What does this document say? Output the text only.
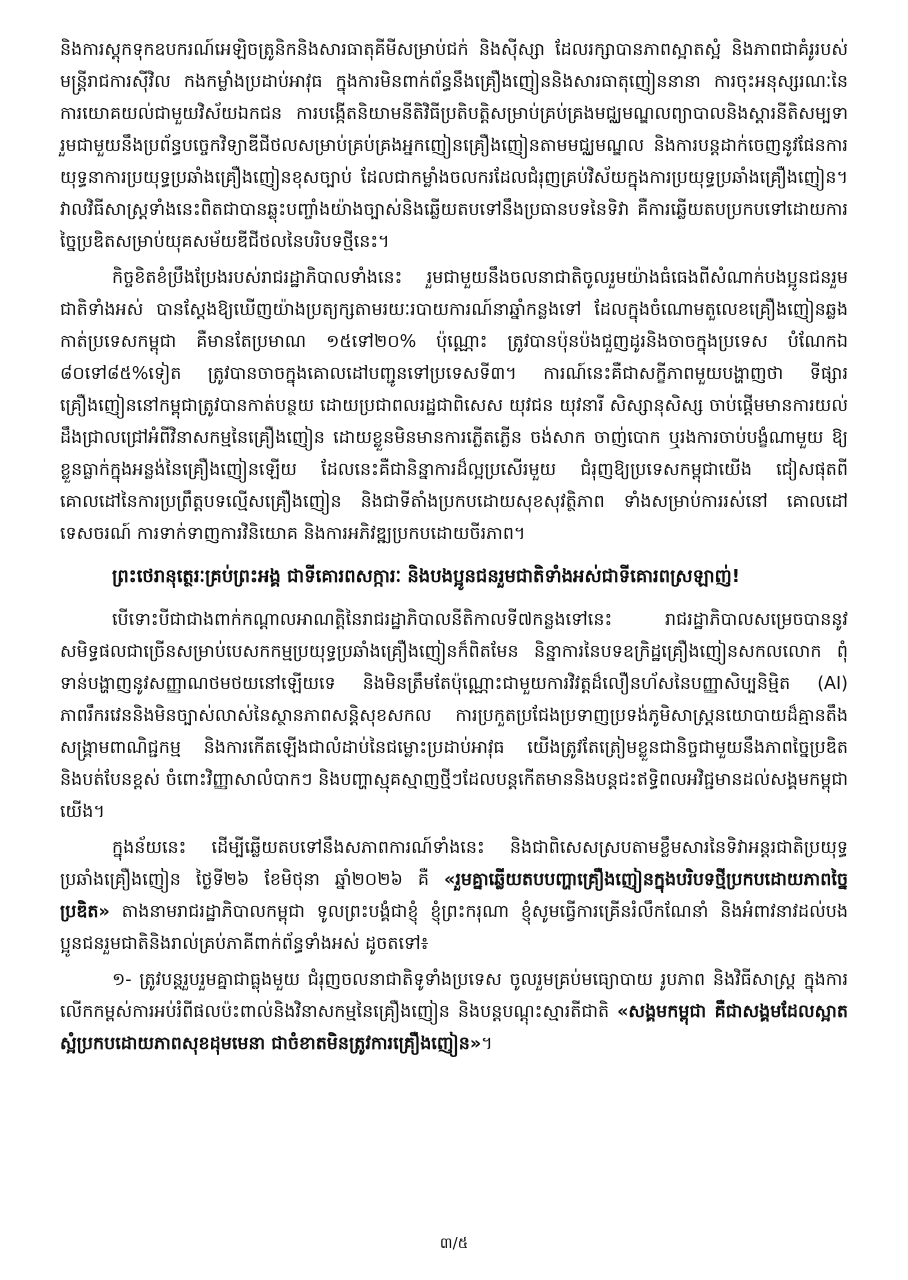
និងការស្តុកទុកឧបករណ៍អេឡិចត្រូនិកនិងសារធាតុគីមីសម្រាប់ជក់ និងស៊ីស្សា ដែលរក្សាបានភាពស្អាតស្អំ និងភាពជាគំរូរបស់មន្ត្រីរាជការស៊ីវិល កងកម្លាំងប្រដាប់អាវុធ ក្នុងការមិនពាក់ព័ន្ធនឹងគ្រឿងញៀននិងសារធាតុញៀននានា ការចុះអនុស្សរណៈនៃការយោគយល់ជាមួយវិស័យឯកជន ការបង្កើតនិយាមនីតិវិធីប្រតិបត្តិសម្រាប់គ្រប់គ្រងមជ្ឈមណ្ឌលព្យាបាលនិងស្តារនីតិសម្បទា រួមជាមួយនឹងប្រព័ន្ធបច្ចេកវិទ្យាឌីជីថលសម្រាប់គ្រប់គ្រងអ្នកញៀនគ្រឿងញៀនតាមមជ្ឈមណ្ឌល និងការបន្តដាក់ចេញនូវផែនការយុទ្ធនាការប្រយុទ្ធប្រឆាំងគ្រឿងញៀនខុសច្បាប់ ដែលជាកម្លាំងចលករដែលជំរុញគ្រប់វិស័យក្នុងការប្រយុទ្ធប្រឆាំងគ្រឿងញៀន។ វាលវិធីសាស្ត្រទាំងនេះពិតជាបានឆ្លុះបញ្ចាំងយ៉ាងច្បាស់និងឆ្លើយតបទៅនឹងប្រធានបទនៃទិវា គឺការឆ្លើយតបប្រកបទៅដោយការច្នៃប្រឌិតសម្រាប់យុគសម័យឌីជីថលនៃបរិបទថ្មីនេះ។

កិច្ចខិតខំប្រឹងប្រែងរបស់រាជរដ្ឋាភិបាលទាំងនេះ រួមជាមួយនឹងចលនាជាតិចូលរួមយ៉ាងធំធេងពីសំណាក់បងប្អូនជនរួមជាតិទាំងអស់ បានស្តែងឱ្យឃើញយ៉ាងប្រត្យក្សតាមរយៈរបាយការណ៍នាឆ្នាំកន្លងទៅ ដែលក្នុងចំណោមតួលេខគ្រឿងញៀនឆ្លងកាត់ប្រទេសកម្ពុជា គឺមានតែប្រមាណ ១៥ទៅ២០% ប៉ុណ្ណោះ ត្រូវបានប៉ុនប៉ងជួញដូរនិងចាចក្នុងប្រទេស បំណែកឯ ៨០ទៅ៨៥%ទៀត ត្រូវបានចាចក្នុងគោលដៅបញ្ជូនទៅប្រទេសទី៣។ ការណ៍នេះគឺជាសក្ខីភាពមួយបង្ហាញថា ទីផ្សារគ្រឿងញៀននៅកម្ពុជាត្រូវបានកាត់បន្ថយ ដោយប្រជាពលរដ្ឋជាពិសេស យុវជន យុវនារី សិស្សានុសិស្ស ចាប់ផ្តើមមានការយល់ដឹងជ្រាលជ្រៅអំពីវិនាសកម្មនៃគ្រឿងញៀន ដោយខ្លួនមិនមានការភ្លើតភ្លើន ចង់សាក ចាញ់បោក ឬរងការចាប់បង្ខំណាមួយ ឱ្យខ្លួនធ្លាក់ក្នុងអន្លង់នៃគ្រឿងញៀនឡើយ ដែលនេះគឺជានិន្នាការដ៏ល្អប្រសើរមួយ ជំរុញឱ្យប្រទេសកម្ពុជាយើង ជៀសផុតពីគោលដៅនៃការប្រព្រឹត្តបទល្មើសគ្រឿងញៀន និងជាទីតាំងប្រកបដោយសុខសុវត្ថិភាព ទាំងសម្រាប់ការរស់នៅ គោលដៅទេសចរណ៍ ការទាក់ទាញការវិនិយោគ និងការអភិវឌ្ឍប្រកបដោយចីរភាព។

ព្រះថេរានុត្ថេរៈគ្រប់ព្រះអង្គ ជាទីគោរពសក្ការៈ និងបងប្អូនជនរួមជាតិទាំងអស់ជាទីគោរពស្រឡាញ់!

បើទោះបីជាជាងពាក់កណ្តាលអាណត្តិនៃរាជរដ្ឋាភិបាលនីតិកាលទី៧កន្លងទៅនេះ រាជរដ្ឋាភិបាលសម្រេចបាននូវសមិទ្ធផលជាច្រើនសម្រាប់បេសកកម្មប្រយុទ្ធប្រឆាំងគ្រឿងញៀនក៏ពិតមែន និន្នាការនៃបទឧក្រិដ្ឋគ្រឿងញៀនសកលលោក ពុំទាន់បង្ហាញនូវសញ្ញាណថមថយនៅឡើយទេ និងមិនត្រឹមតែប៉ុណ្ណោះជាមួយការវិវត្តដ៏លឿនហ័សនៃបញ្ញាសិប្បនិម្មិត (AI) ភាពរឹករវេននិងមិនច្បាស់លាស់នៃស្ថានភាពសន្តិសុខសកល ការប្រកួតប្រជែងប្រទាញប្រទង់ភូមិសាស្ត្រនយោបាយដ៏គ្មានតឹង សង្គ្រាមពាណិជ្ជកម្ម និងការកើតឡើងជាលំដាប់នៃជម្លោះប្រដាប់អាវុធ យើងត្រូវតែត្រៀមខ្លួនជានិច្ចជាមួយនឹងភាពច្នៃប្រឌិតនិងបត់បែនខ្ពស់ ចំពោះវិញ្ញាសាលំបាកៗ និងបញ្ហាស្មុគស្មាញថ្មីៗដែលបន្តកើតមាននិងបន្តជះឥទ្ធិពលអវិជ្ជមានដល់សង្គមកម្ពុជាយើង។

ក្នុងន័យនេះ ដើម្បីឆ្លើយតបទៅនឹងសភាពការណ៍ទាំងនេះ និងជាពិសេសស្របតាមខ្លឹមសារនៃទិវាអន្តរជាតិប្រយុទ្ធប្រឆាំងគ្រឿងញៀន ថ្ងៃទី២៦ ខែមិថុនា ឆ្នាំ២០២៦ គឺ «រួមគ្នាឆ្លើយតបបញ្ហាគ្រឿងញៀនក្នុងបរិបទថ្មីប្រកបដោយភាពច្នៃប្រឌិត» តាងនាមរាជរដ្ឋាភិបាលកម្ពុជា ទូលព្រះបង្គំជាខ្ញុំ ខ្ញុំព្រះករុណា ខ្ញុំសូមធ្វើការគ្រើនរំលឹកណែនាំ និងអំពាវនាវដល់បងប្អូនជនរួមជាតិនិងរាល់គ្រប់ភាគីពាក់ព័ន្ធទាំងអស់ ដូចតទៅ៖

១- ត្រូវបន្តរួបរួមគ្នាជាធ្លុងមួយ ជំរុញចលនាជាតិទូទាំងប្រទេស ចូលរួមគ្រប់មធ្យោបាយ រូបភាព និងវិធីសាស្ត្រ ក្នុងការលើកកម្ពស់ការអប់រំពីផលប៉ះពាល់និងវិនាសកម្មនៃគ្រឿងញៀន និងបន្តបណ្តុះស្មារតីជាតិ «សង្គមកម្ពុជា គឺជាសង្គមដែលស្អាតស្អំប្រកបដោយភាពសុខដុមមេនា ជាចំខាតមិនត្រូវការគ្រឿងញៀន»។

៣/៥
